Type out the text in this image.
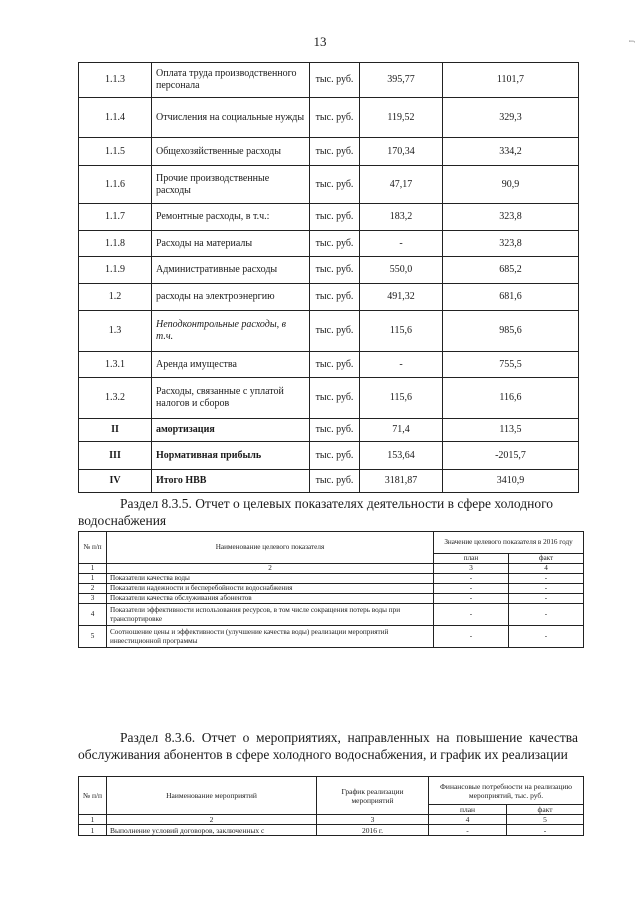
13
1.1.3	Оплата труда производственного персонала	тыс. руб.	395,77	1101,7
1.1.4	Отчисления на социальные нужды	тыс. руб.	119,52	329,3
1.1.5	Общехозяйственные расходы	тыс. руб.	170,34	334,2
1.1.6	Прочие производственные расходы	тыс. руб.	47,17	90,9
1.1.7	Ремонтные расходы, в т.ч.:	тыс. руб.	183,2	323,8
1.1.8	Расходы на материалы	тыс. руб.	-	323,8
1.1.9	Административные расходы	тыс. руб.	550,0	685,2
1.2	расходы на электроэнергию	тыс. руб.	491,32	681,6
1.3	Неподконтрольные расходы, в т.ч.	тыс. руб.	115,6	985,6
1.3.1	Аренда имущества	тыс. руб.	-	755,5
1.3.2	Расходы, связанные с уплатой налогов и сборов	тыс. руб.	115,6	116,6
II	амортизация	тыс. руб.	71,4	113,5
III	Нормативная прибыль	тыс. руб.	153,64	-2015,7
IV	Итого НВВ	тыс. руб.	3181,87	3410,9
Раздел 8.3.5. Отчет о целевых показателях деятельности в сфере холодного водоснабжения
№ п/п	Наименование целевого показателя	Значение целевого показателя в 2016 году	
		план	факт
1	2	3	4
1	Показатели качества воды	-	-
2	Показатели надежности и бесперебойности водоснабжения	-	-
3	Показатели качества обслуживания абонентов	-	-
4	Показатели эффективности использования ресурсов, в том числе сокращения потерь воды при транспортировке	-	-
5	Соотношение цены и эффективности (улучшение качества воды) реализации мероприятий инвестиционной программы	-	-
Раздел 8.3.6. Отчет о мероприятиях, направленных на повышение качества обслуживания абонентов в сфере холодного водоснабжения, и график их реализации
№ п/п	Наименование мероприятий	График реализации мероприятий	Финансовые потребности на реализацию мероприятий, тыс. руб.	
			план	факт
1	2	3	4	5
1	Выполнение условий договоров, заключенных с	2016 г.	-	-
ſ
